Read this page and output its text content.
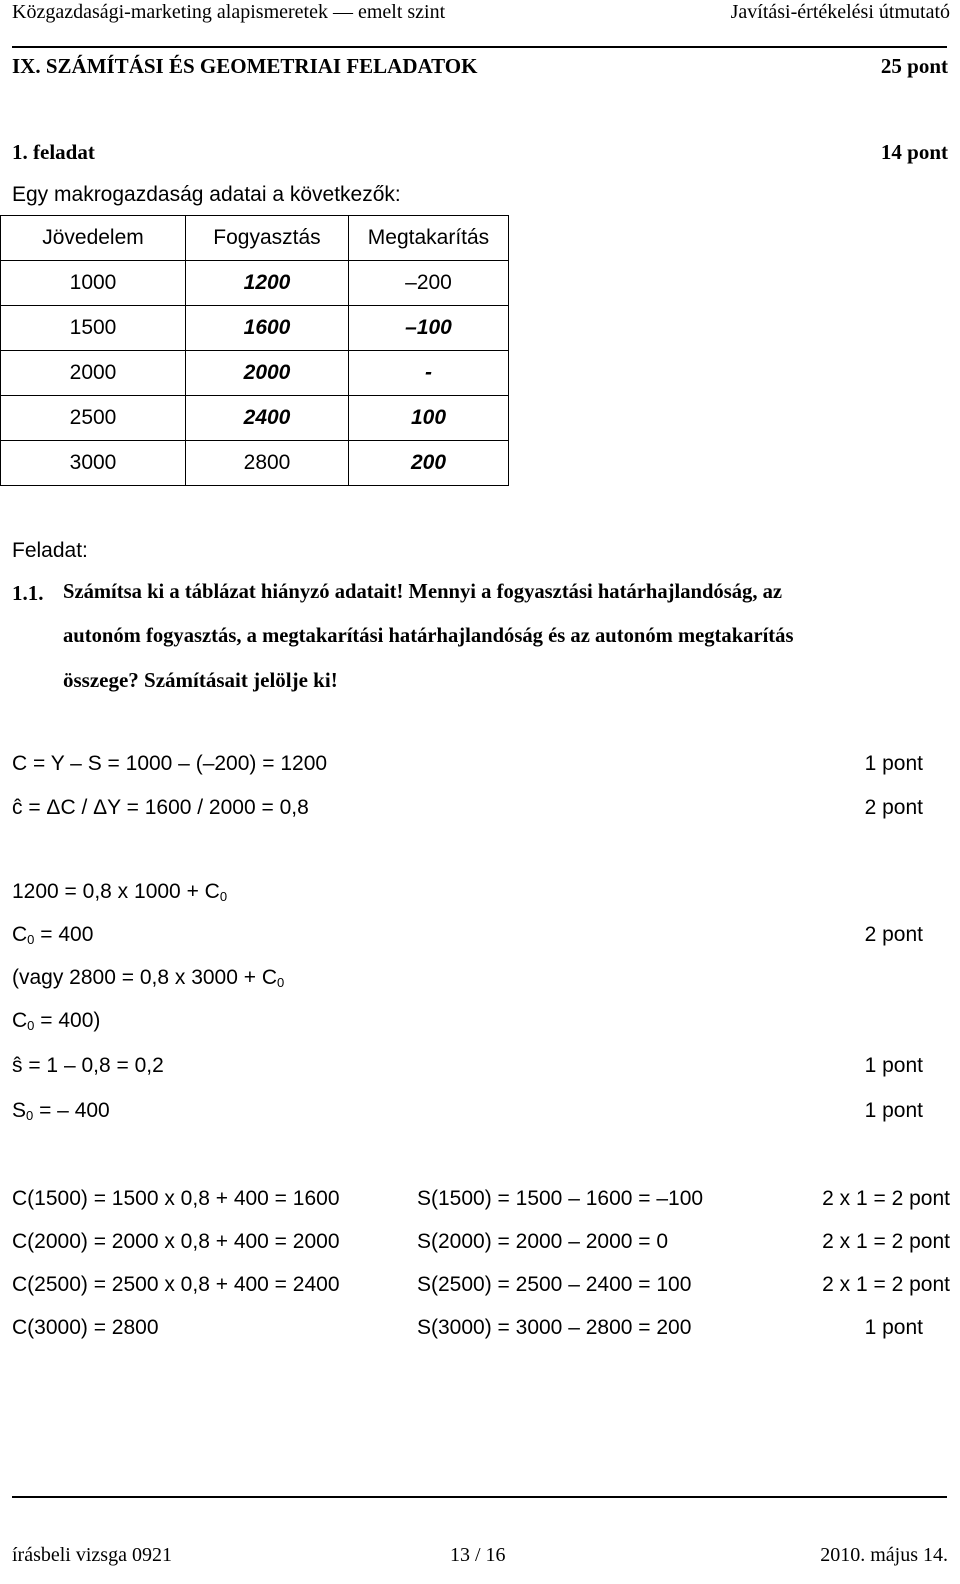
Közgazdasági-marketing alapismeretek — emelt szint	Javítási-értékelési útmutató
IX. SZÁMÍTÁSI ÉS GEOMETRIAI FELADATOK	25 pont
1. feladat	14 pont
Egy makrogazdaság adatai a következők:
Jövedelem	Fogyasztás	Megtakarítás
1000	1200	–200
1500	1600	–100
2000	2000	-
2500	2400	100
3000	2800	200
Feladat:
1.1. Számítsa ki a táblázat hiányzó adatait! Mennyi a fogyasztási határhajlandóság, az
autonóm fogyasztás, a megtakarítási határhajlandóság és az autonóm megtakarítás
összege? Számításait jelölje ki!
C = Y – S = 1000 – (–200) = 1200	1 pont
ĉ = ΔC / ΔY = 1600 / 2000 = 0,8	2 pont
1200 = 0,8 x $1000 + C_0$
$C_0 = 400$	2 pont
(vagy 2800 = 0,8 x $3000 + C_0$
$C_0 = 400$)
ŝ = 1 – 0,8 = 0,2	1 pont
$S_0$ = – 400	1 pont
C(1500) = 1500 x 0,8 + 400 = 1600	S(1500) = 1500 – 1600 = –100	2 x 1 = 2 pont
C(2000) = 2000 x 0,8 + 400 = 2000	S(2000) = 2000 – 2000 = 0	2 x 1 = 2 pont
C(2500) = 2500 x 0,8 + 400 = 2400	S(2500) = 2500 – 2400 = 100	2 x 1 = 2 pont
C(3000) = 2800	S(3000) = 3000 – 2800 = 200	1 pont
írásbeli vizsga 0921	13 / 16	2010. május 14.
